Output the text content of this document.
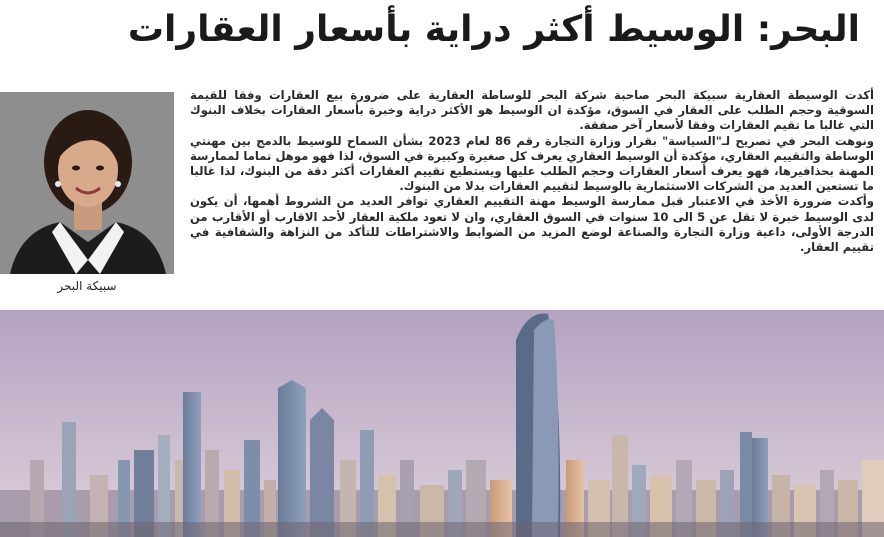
البحر: الوسيط أكثر دراية بأسعار العقارات
سبيكة البحر

أكدت الوسيطة العقارية سبيكة البحر صاحبة شركة البحر للوساطة العقارية على ضرورة بيع العقارات وفقا للقيمة السوقية وحجم الطلب على العقار في السوق، مؤكدة ان الوسيط هو الأكثر دراية وخبرة بأسعار العقارات بخلاف البنوك التي غالبا ما تقيم العقارات وفقا لأسعار آخر صفقة.

ونوهت البحر في تصريح لـ"السياسة" بقرار وزارة التجارة رقم 86 لعام 2023 بشأن السماح للوسيط بالدمج بين مهنتي الوساطة والتقييم العقاري، مؤكدة أن الوسيط العقاري يعرف كل صغيرة وكبيرة في السوق، لذا فهو موهل تماما لممارسة المهنة بحذافيرها، فهو يعرف أسعار العقارات وحجم الطلب عليها ويستطيع تقييم العقارات أكثر دقة من البنوك، لذا غالبا ما تستعين العديد من الشركات الاستثمارية بالوسيط لتقييم العقارات بدلا من البنوك.

وأكدت ضرورة الأخذ في الاعتبار قبل ممارسة الوسيط مهنة التقييم العقاري توافر العديد من الشروط أهمها، أن يكون لدى الوسيط خبرة لا تقل عن 5 الى 10 سنوات في السوق العقاري، وان لا تعود ملكية العقار لأحد الاقارب أو الأقارب من الدرجة الأولى، داعية وزارة التجارة والصناعة لوضع المزيد من الضوابط والاشتراطات للتأكد من النزاهة والشفافية في تقييم العقار.
